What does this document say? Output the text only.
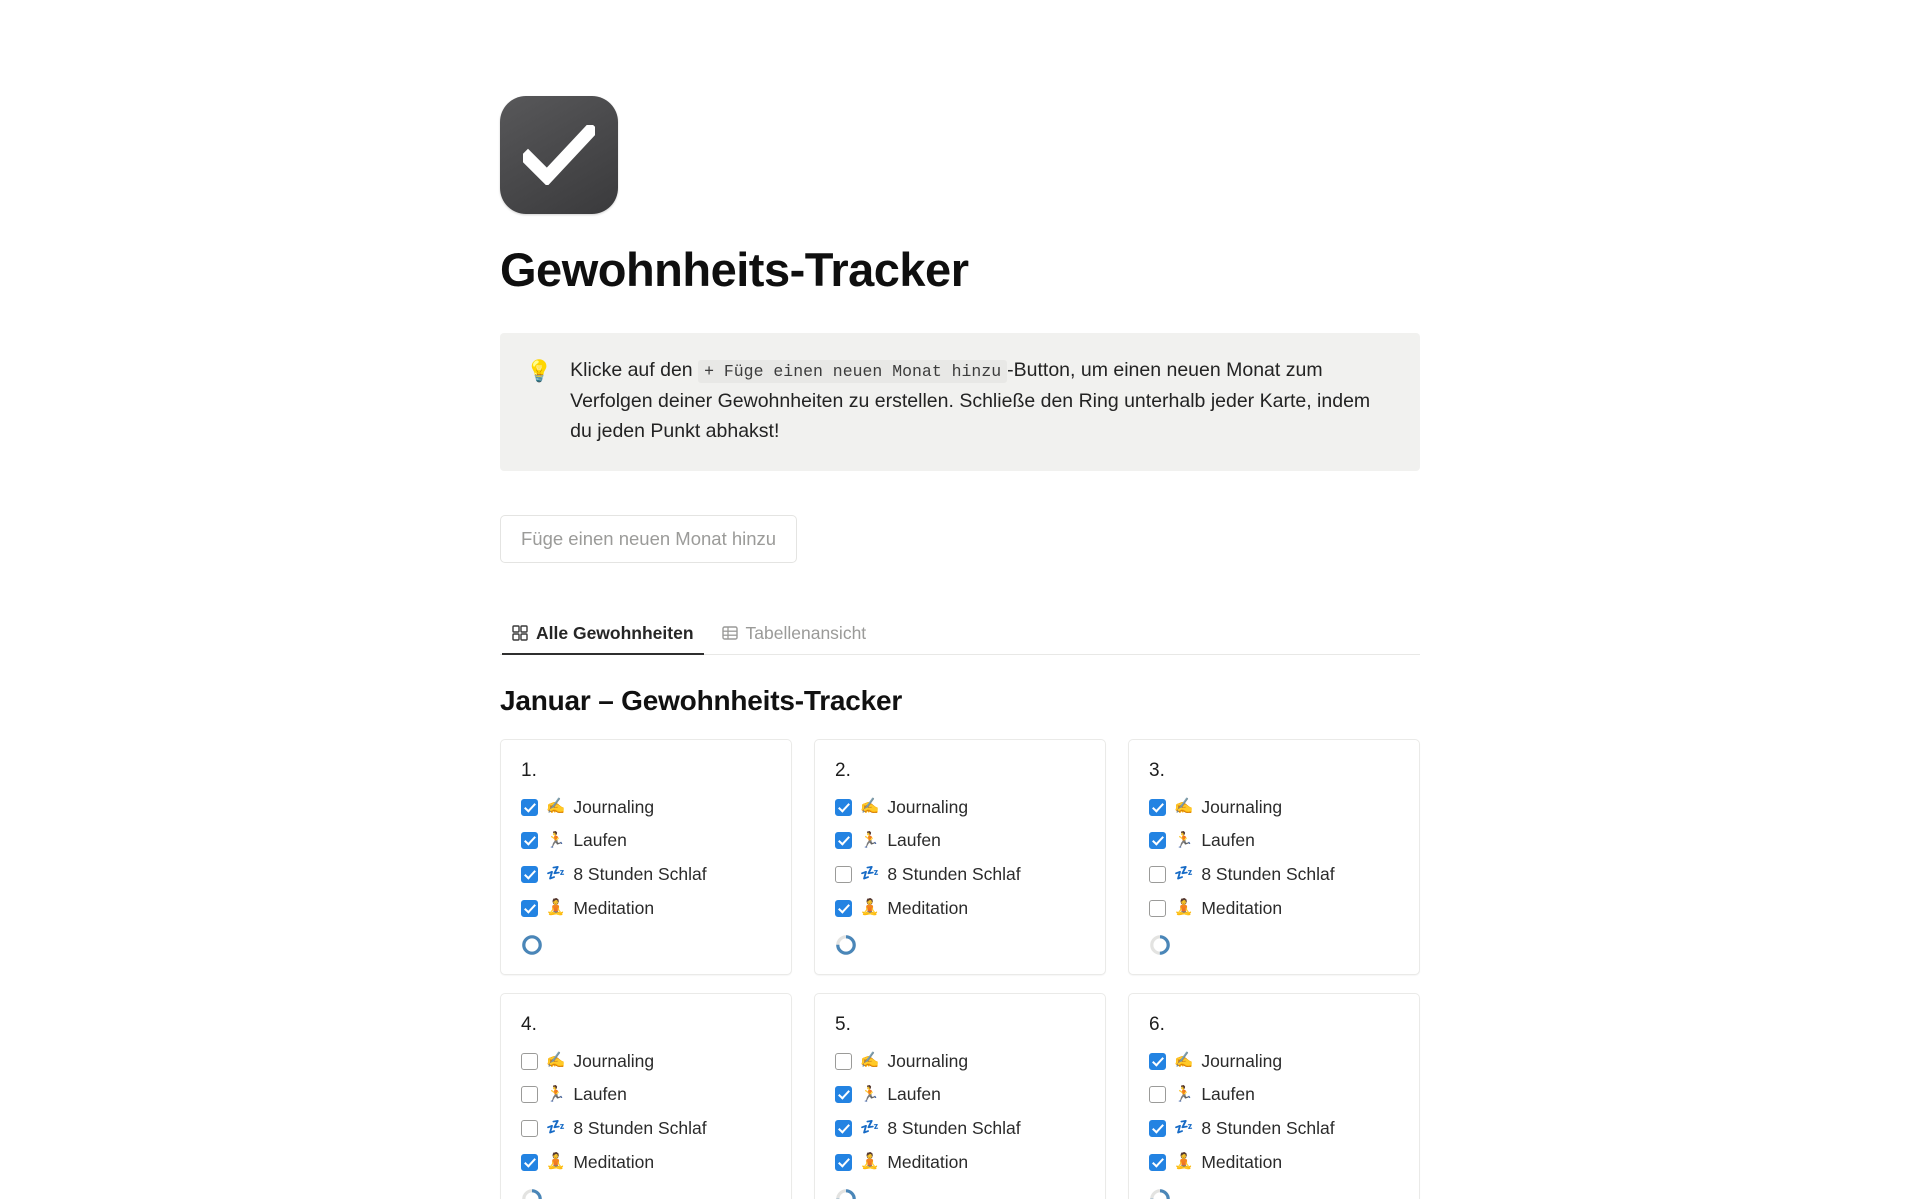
Gewohnheits-Tracker
💡 Klicke auf den + Füge einen neuen Monat hinzu -Button, um einen neuen Monat zum Verfolgen deiner Gewohnheiten zu erstellen. Schließe den Ring unterhalb jeder Karte, indem du jeden Punkt abhakst!
Füge einen neuen Monat hinzu
Alle Gewohnheiten	Tabellenansicht
Januar – Gewohnheits-Tracker
1.
✍️ Journaling
🏃 Laufen
💤 8 Stunden Schlaf
🧘 Meditation
2.
✍️ Journaling
🏃 Laufen
💤 8 Stunden Schlaf
🧘 Meditation
3.
✍️ Journaling
🏃 Laufen
💤 8 Stunden Schlaf
🧘 Meditation
4.
✍️ Journaling
🏃 Laufen
💤 8 Stunden Schlaf
🧘 Meditation
5.
✍️ Journaling
🏃 Laufen
💤 8 Stunden Schlaf
🧘 Meditation
6.
✍️ Journaling
🏃 Laufen
💤 8 Stunden Schlaf
🧘 Meditation
